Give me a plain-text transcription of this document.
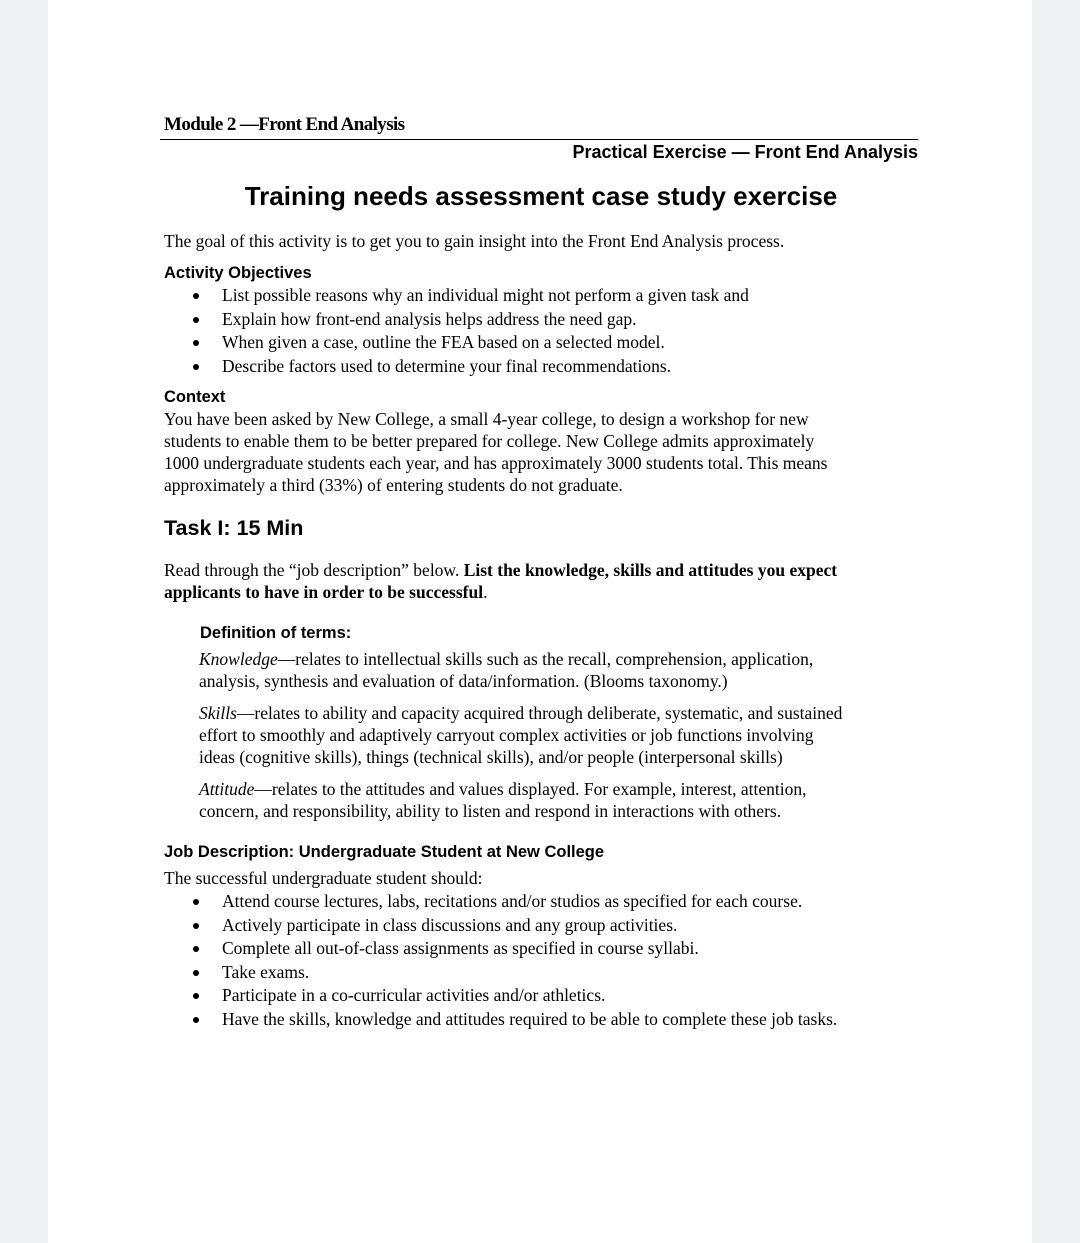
Module 2 —Front End Analysis
Practical Exercise — Front End Analysis
Training needs assessment case study exercise
The goal of this activity is to get you to gain insight into the Front End Analysis process.
Activity Objectives
List possible reasons why an individual might not perform a given task and
Explain how front-end analysis helps address the need gap.
When given a case, outline the FEA based on a selected model.
Describe factors used to determine your final recommendations.
Context
You have been asked by New College, a small 4-year college, to design a workshop for new
students to enable them to be better prepared for college. New College admits approximately
1000 undergraduate students each year, and has approximately 3000 students total. This means
approximately a third (33%) of entering students do not graduate.
Task I: 15 Min
Read through the “job description” below. List the knowledge, skills and attitudes you expect
applicants to have in order to be successful.
Definition of terms:
Knowledge—relates to intellectual skills such as the recall, comprehension, application,
analysis, synthesis and evaluation of data/information. (Blooms taxonomy.)
Skills—relates to ability and capacity acquired through deliberate, systematic, and sustained
effort to smoothly and adaptively carryout complex activities or job functions involving
ideas (cognitive skills), things (technical skills), and/or people (interpersonal skills)
Attitude—relates to the attitudes and values displayed. For example, interest, attention,
concern, and responsibility, ability to listen and respond in interactions with others.
Job Description: Undergraduate Student at New College
The successful undergraduate student should:
Attend course lectures, labs, recitations and/or studios as specified for each course.
Actively participate in class discussions and any group activities.
Complete all out-of-class assignments as specified in course syllabi.
Take exams.
Participate in a co-curricular activities and/or athletics.
Have the skills, knowledge and attitudes required to be able to complete these job tasks.
